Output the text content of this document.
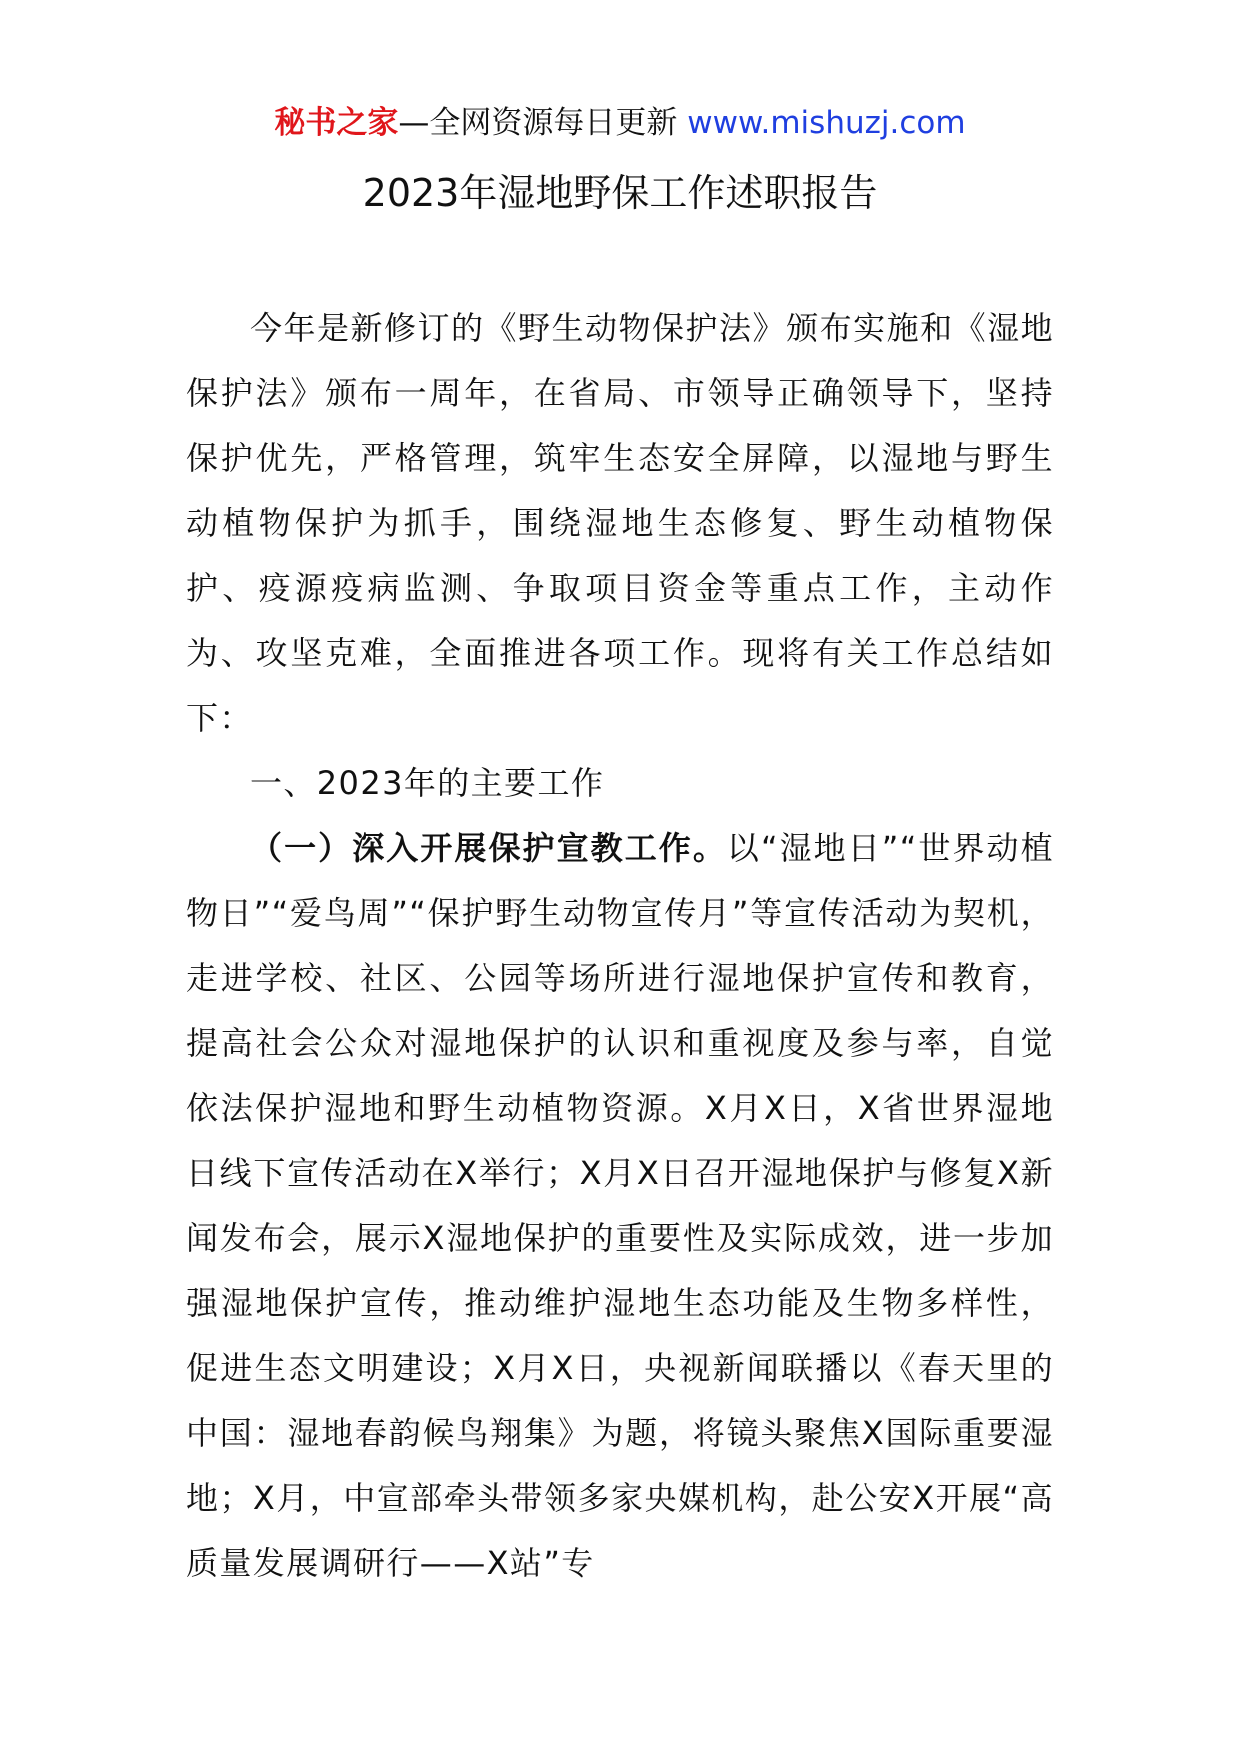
秘书之家—全网资源每日更新 www.mishuzj.com
2023年湿地野保工作述职报告

今年是新修订的《野生动物保护法》颁布实施和《湿地保护法》颁布一周年，在省局、市领导正确领导下，坚持保护优先，严格管理，筑牢生态安全屏障，以湿地与野生动植物保护为抓手，围绕湿地生态修复、野生动植物保护、疫源疫病监测、争取项目资金等重点工作，主动作为、攻坚克难，全面推进各项工作。现将有关工作总结如下：

一、2023年的主要工作

（一）深入开展保护宣教工作。以“湿地日”“世界动植物日”“爱鸟周”“保护野生动物宣传月”等宣传活动为契机，走进学校、社区、公园等场所进行湿地保护宣传和教育，提高社会公众对湿地保护的认识和重视度及参与率，自觉依法保护湿地和野生动植物资源。X月X日，X省世界湿地日线下宣传活动在X举行；X月X日召开湿地保护与修复X新闻发布会，展示X湿地保护的重要性及实际成效，进一步加强湿地保护宣传，推动维护湿地生态功能及生物多样性，促进生态文明建设；X月X日，央视新闻联播以《春天里的中国：湿地春韵候鸟翔集》为题，将镜头聚焦X国际重要湿地；X月，中宣部牵头带领多家央媒机构，赴公安X开展“高质量发展调研行——X站”专
